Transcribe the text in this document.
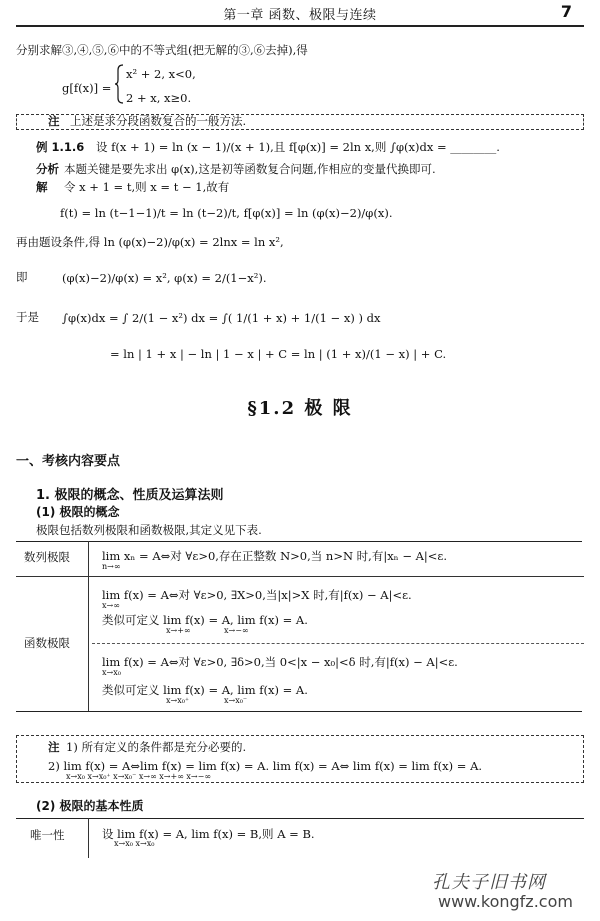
第一章 函数、极限与连续	7
分别求解③,④,⑤,⑥中的不等式组(把无解的③,⑥去掉),得
g[f(x)] =
x² + 2, x<0,
2 + x, x≥0.
注 上述是求分段函数复合的一般方法.
例 1.1.6 设 f(x + 1) = ln (x − 1)/(x + 1),且 f[φ(x)] = 2ln x,则 ∫φ(x)dx = ________.
分析 本题关键是要先求出 φ(x),这是初等函数复合问题,作相应的变量代换即可.
解 令 x + 1 = t,则 x = t − 1,故有
f(t) = ln (t−1−1)/t = ln (t−2)/t, f[φ(x)] = ln (φ(x)−2)/φ(x).
再由题设条件,得 ln (φ(x)−2)/φ(x) = 2lnx = ln x²,
即	(φ(x)−2)/φ(x) = x², φ(x) = 2/(1−x²).
于是 ∫φ(x)dx = ∫ 2/(1 − x²) dx = ∫( 1/(1 + x) + 1/(1 − x) ) dx
= ln | 1 + x | − ln | 1 − x | + C = ln | (1 + x)/(1 − x) | + C.
§1.2 极 限
一、考核内容要点
1. 极限的概念、性质及运算法则
(1) 极限的概念
极限包括数列极限和函数极限,其定义见下表.
数列极限	lim xₙ = A⇔对 ∀ε>0,存在正整数 N>0,当 n>N 时,有|xₙ − A|<ε.
n→∞
函数极限
lim f(x) = A⇔对 ∀ε>0, ∃X>0,当|x|>X 时,有|f(x) − A|<ε.
x→∞
类似可定义 lim f(x) = A, lim f(x) = A.
x→+∞	x→−∞
lim f(x) = A⇔对 ∀ε>0, ∃δ>0,当 0<|x − x₀|<δ 时,有|f(x) − A|<ε.
x→x₀
类似可定义 lim f(x) = A, lim f(x) = A.
x→x₀⁺	x→x₀⁻
注 1) 所有定义的条件都是充分必要的.
2) lim f(x) = A⇔lim f(x) = lim f(x) = A. lim f(x) = A⇔ lim f(x) = lim f(x) = A.
x→x₀ x→x₀⁺ x→x₀⁻ x→∞ x→+∞ x→−∞
(2) 极限的基本性质
唯一性	设 lim f(x) = A, lim f(x) = B,则 A = B.
x→x₀ x→x₀
孔夫子旧书网
www.kongfz.com
